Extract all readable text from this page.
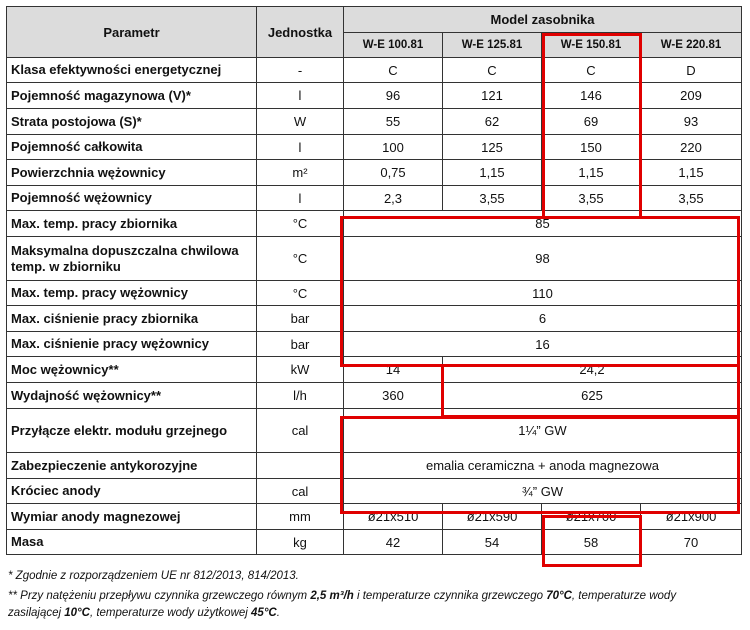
Parametr	Jednostka	Model zasobnika			
		W-E 100.81	W-E 125.81	W-E 150.81	W-E 220.81
Klasa efektywności energetycznej	-	C	C	C	D
Pojemność magazynowa (V)*	l	96	121	146	209
Strata postojowa (S)*	W	55	62	69	93
Pojemność całkowita	l	100	125	150	220
Powierzchnia wężownicy	m²	0,75	1,15	1,15	1,15
Pojemność wężownicy	l	2,3	3,55	3,55	3,55
Max. temp. pracy zbiornika	°C	85			
Maksymalna dopuszczalna chwilowa temp. w zbiorniku	°C	98			
Max. temp. pracy wężownicy	°C	110			
Max. ciśnienie pracy zbiornika	bar	6			
Max. ciśnienie pracy wężownicy	bar	16			
Moc wężownicy**	kW	14	24,2		
Wydajność wężownicy**	l/h	360	625		
Przyłącze elektr. modułu grzejnego	cal	1¼” GW			
Zabezpieczenie antykorozyjne		emalia ceramiczna + anoda magnezowa			
Króciec anody	cal	¾” GW			
Wymiar anody magnezowej	mm	ø21x510	ø21x590	ø21x700	ø21x900
Masa	kg	42	54	58	70

* Zgodnie z rozporządzeniem UE nr 812/2013, 814/2013.

** Przy natężeniu przepływu czynnika grzewczego równym 2,5 m³/h i temperaturze czynnika grzewczego 70°C, temperaturze wody
zasilającej 10°C, temperaturze wody użytkowej 45°C.
